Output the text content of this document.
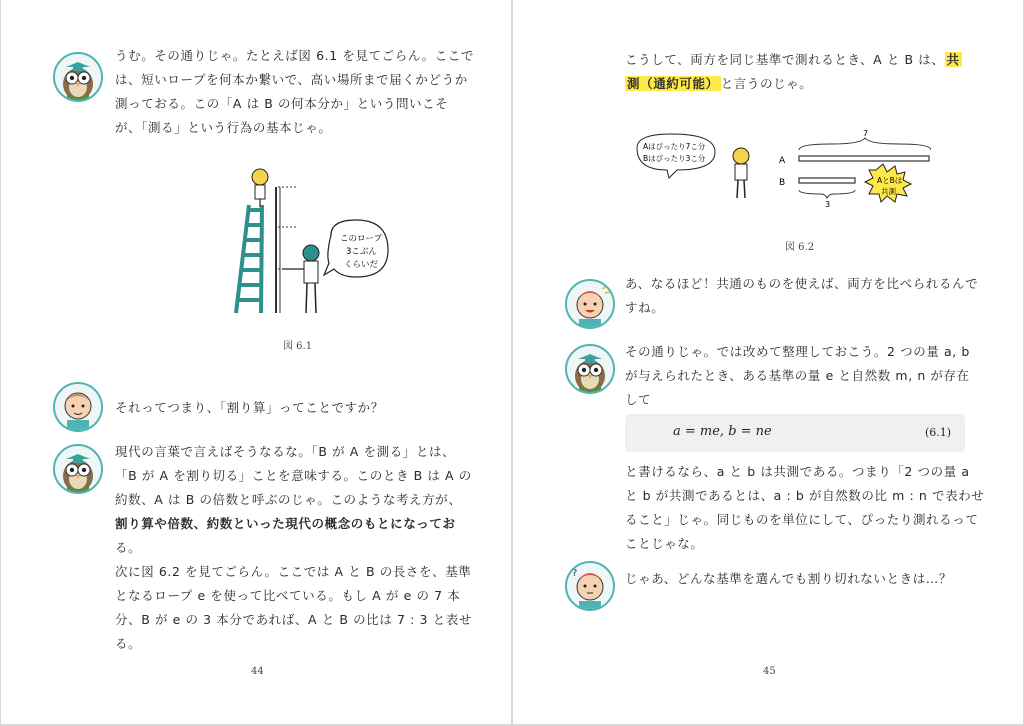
うむ。その通りじゃ。たとえば図 6.1 を見てごらん。ここで
は、短いロープを何本か繋いで、高い場所まで届くかどうか
測っておる。この「A は B の何本分か」という問いこそ
が、「測る」という行為の基本じゃ。
このロープ
3こぶん
くらいだ
図 6.1
それってつまり、「割り算」ってことですか？
現代の言葉で言えばそうなるな。「B が A を測る」とは、
「B が A を割り切る」ことを意味する。このとき B は A の
約数、A は B の倍数と呼ぶのじゃ。このような考え方が、
割り算や倍数、約数といった現代の概念のもとになってお
る。
次に図 6.2 を見てごらん。ここでは A と B の長さを、基準
となるロープ e を使って比べている。もし A が e の 7 本
分、B が e の 3 本分であれば、A と B の比は 7 : 3 と表せ
る。
44
こうして、両方を同じ基準で測れるとき、A と B は、 共
測（通約可能） と言うのじゃ。
Aはぴったり7こ分
Bはぴったり3こ分	A
B
7
3
AとBは
共測
図 6.2
あ、なるほど！共通のものを使えば、両方を比べられるんで
すね。
その通りじゃ。では改めて整理しておこう。2 つの量 a, b
が与えられたとき、ある基準の量 e と自然数 m, n が存在
して
a = me, b = ne	(6.1)
と書けるなら、a と b は共測である。つまり「2 つの量 a
と b が共測であるとは、a : b が自然数の比 m : n で表わせ
ること」じゃ。同じものを単位にして、ぴったり測れるって
ことじゃな。
?	じゃあ、どんな基準を選んでも割り切れないときは…？
45
